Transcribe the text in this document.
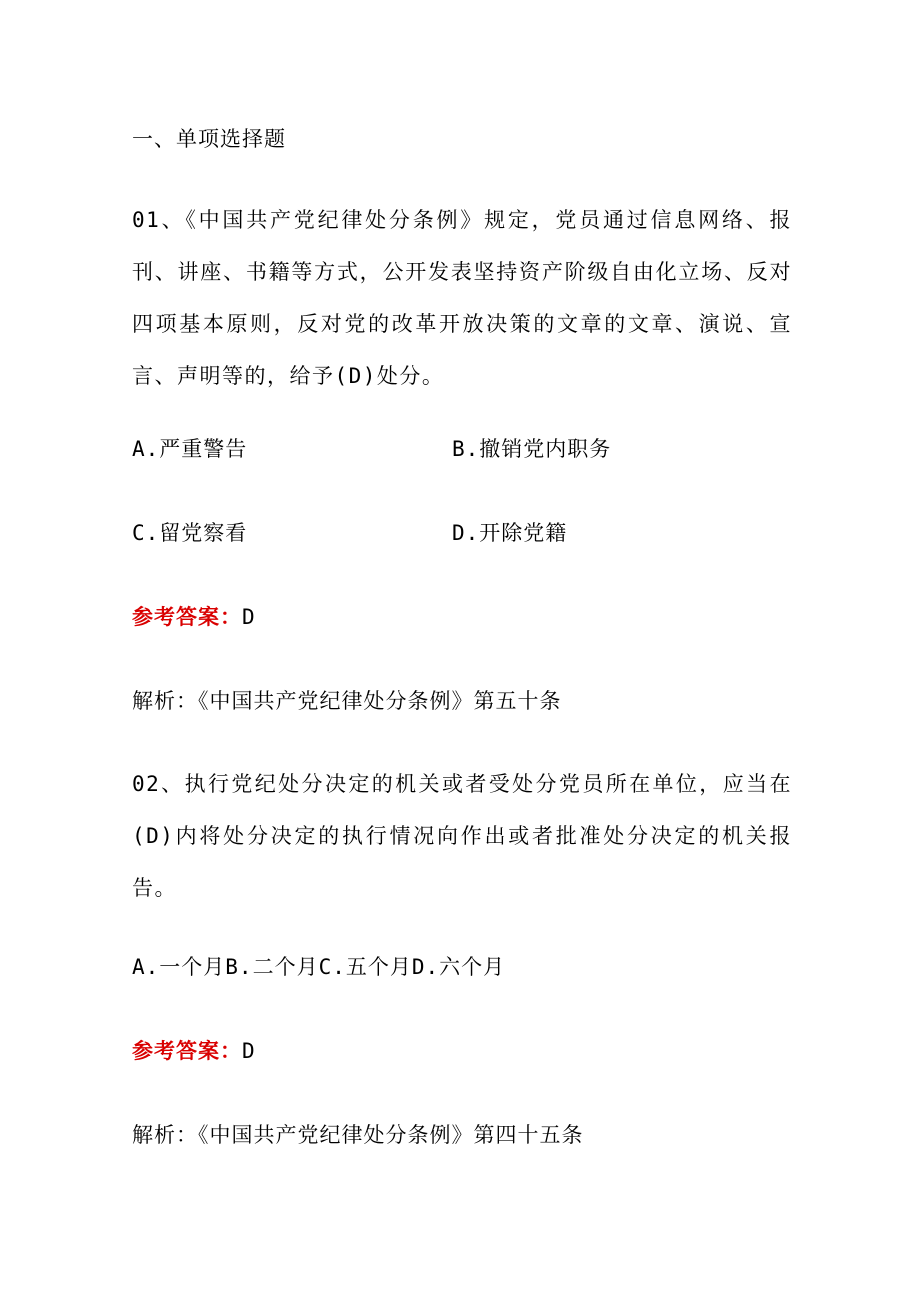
一、单项选择题
01、《中国共产党纪律处分条例》规定，党员通过信息网络、报刊、讲座、书籍等方式，公开发表坚持资产阶级自由化立场、反对四项基本原则，反对党的改革开放决策的文章的文章、演说、宣言、声明等的，给予(D)处分。
A.严重警告	B.撤销党内职务
C.留党察看	D.开除党籍
参考答案：D
解析：《中国共产党纪律处分条例》第五十条
02、执行党纪处分决定的机关或者受处分党员所在单位，应当在(D)内将处分决定的执行情况向作出或者批准处分决定的机关报告。
A.一个月B.二个月C.五个月D.六个月
参考答案：D
解析：《中国共产党纪律处分条例》第四十五条
